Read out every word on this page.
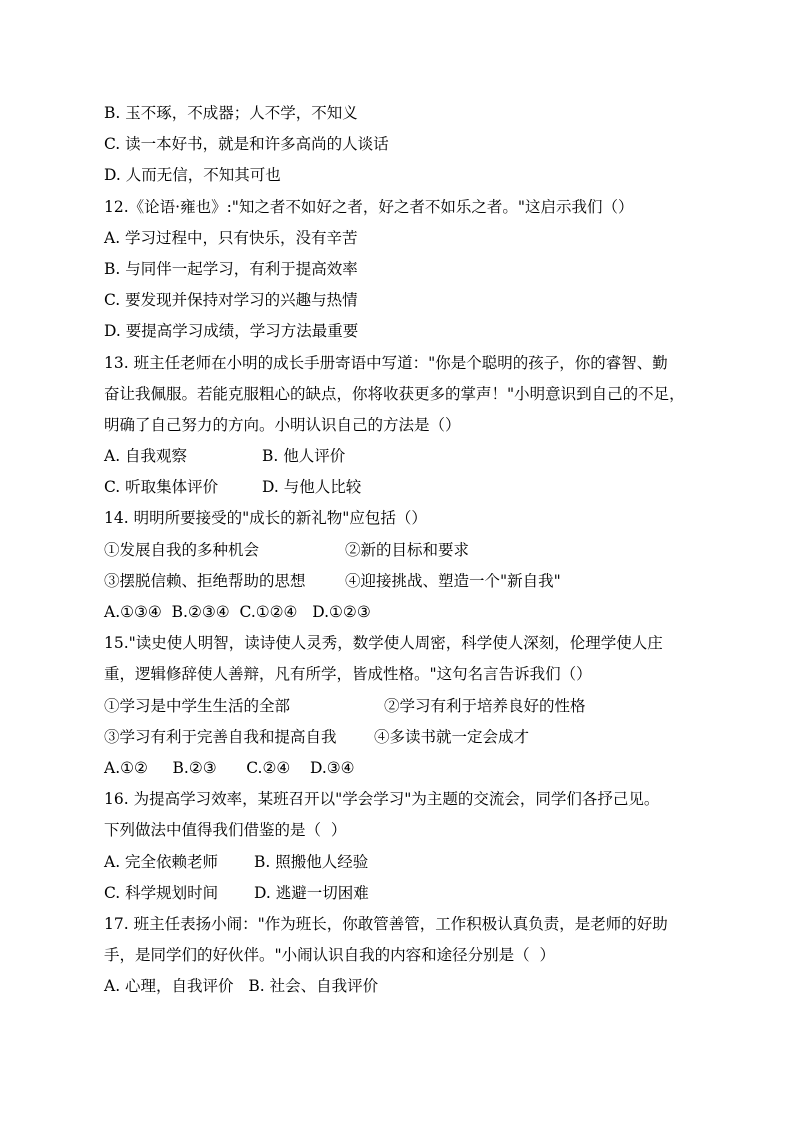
B. 玉不琢，不成器；人不学，不知义
C. 读一本好书，就是和许多高尚的人谈话
D. 人而无信，不知其可也
12.《论语·雍也》:"知之者不如好之者，好之者不如乐之者。"这启示我们（）
A. 学习过程中，只有快乐，没有辛苦
B. 与同伴一起学习，有利于提高效率
C. 要发现并保持对学习的兴趣与热情
D. 要提高学习成绩，学习方法最重要
13. 班主任老师在小明的成长手册寄语中写道："你是个聪明的孩子，你的睿智、勤
奋让我佩服。若能克服粗心的缺点，你将收获更多的掌声！"小明意识到自己的不足，
明确了自己努力的方向。小明认识自己的方法是（）
A. 自我观察	B. 他人评价
C. 听取集体评价	D. 与他人比较
14. 明明所要接受的"成长的新礼物"应包括（）
①发展自我的多种机会	②新的目标和要求
③摆脱信赖、拒绝帮助的思想	④迎接挑战、塑造一个"新自我"
A.①③④  B.②③④  C.①②④   D.①②③
15."读史使人明智，读诗使人灵秀，数学使人周密，科学使人深刻，伦理学使人庄
重，逻辑修辞使人善辩，凡有所学，皆成性格。"这句名言告诉我们（）
①学习是中学生生活的全部	②学习有利于培养良好的性格
③学习有利于完善自我和提高自我	④多读书就一定会成才
A.①②     B.②③      C.②④    D.③④
16. 为提高学习效率，某班召开以"学会学习"为主题的交流会，同学们各抒己见。
下列做法中值得我们借鉴的是（  ）
A. 完全依赖老师	B. 照搬他人经验
C. 科学规划时间	D. 逃避一切困难
17. 班主任表扬小闹："作为班长，你敢管善管，工作积极认真负责，是老师的好助
手，是同学们的好伙伴。"小闹认识自我的内容和途径分别是（  ）
A. 心理，自我评价   B. 社会、自我评价
